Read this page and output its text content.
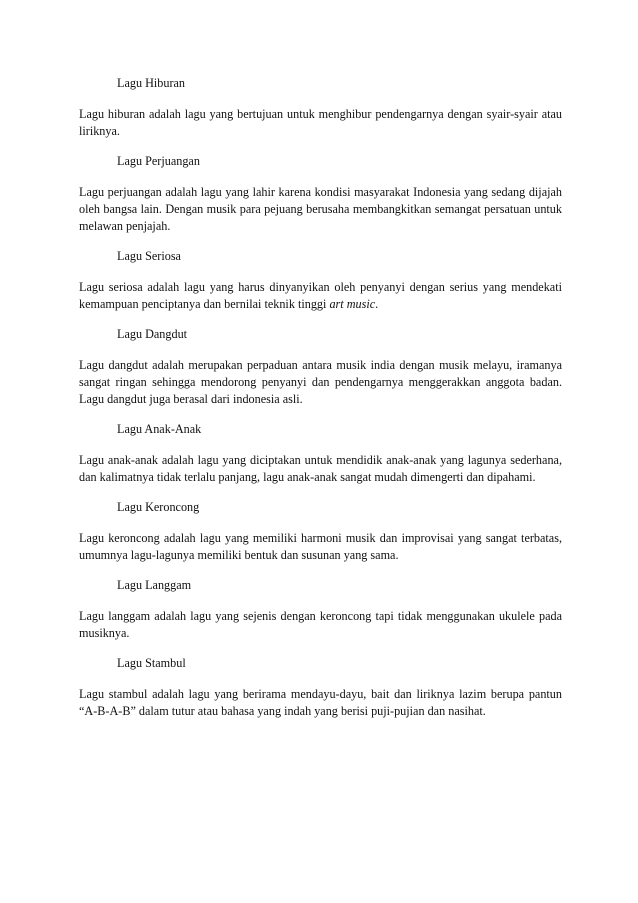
Lagu Hiburan

Lagu hiburan adalah lagu yang bertujuan untuk menghibur pendengarnya dengan syair-syair atau liriknya.

Lagu Perjuangan

Lagu perjuangan adalah lagu yang lahir karena kondisi masyarakat Indonesia yang sedang dijajah oleh bangsa lain. Dengan musik para pejuang berusaha membangkitkan semangat persatuan untuk melawan penjajah.

Lagu Seriosa

Lagu seriosa adalah lagu yang harus dinyanyikan oleh penyanyi dengan serius yang mendekati kemampuan penciptanya dan bernilai teknik tinggi art music.

Lagu Dangdut

Lagu dangdut adalah merupakan perpaduan antara musik india dengan musik melayu, iramanya sangat ringan sehingga mendorong penyanyi dan pendengarnya menggerakkan anggota badan. Lagu dangdut juga berasal dari indonesia asli.

Lagu Anak-Anak

Lagu anak-anak adalah lagu yang diciptakan untuk mendidik anak-anak yang lagunya sederhana, dan kalimatnya tidak terlalu panjang, lagu anak-anak sangat mudah dimengerti dan dipahami.

Lagu Keroncong

Lagu keroncong adalah lagu yang memiliki harmoni musik dan improvisai yang sangat terbatas, umumnya lagu-lagunya memiliki bentuk dan susunan yang sama.

Lagu Langgam

Lagu langgam adalah lagu yang sejenis dengan keroncong tapi tidak menggunakan ukulele pada musiknya.

Lagu Stambul

Lagu stambul adalah lagu yang berirama mendayu-dayu, bait dan liriknya lazim berupa pantun “A-B-A-B” dalam tutur atau bahasa yang indah yang berisi puji-pujian dan nasihat.
